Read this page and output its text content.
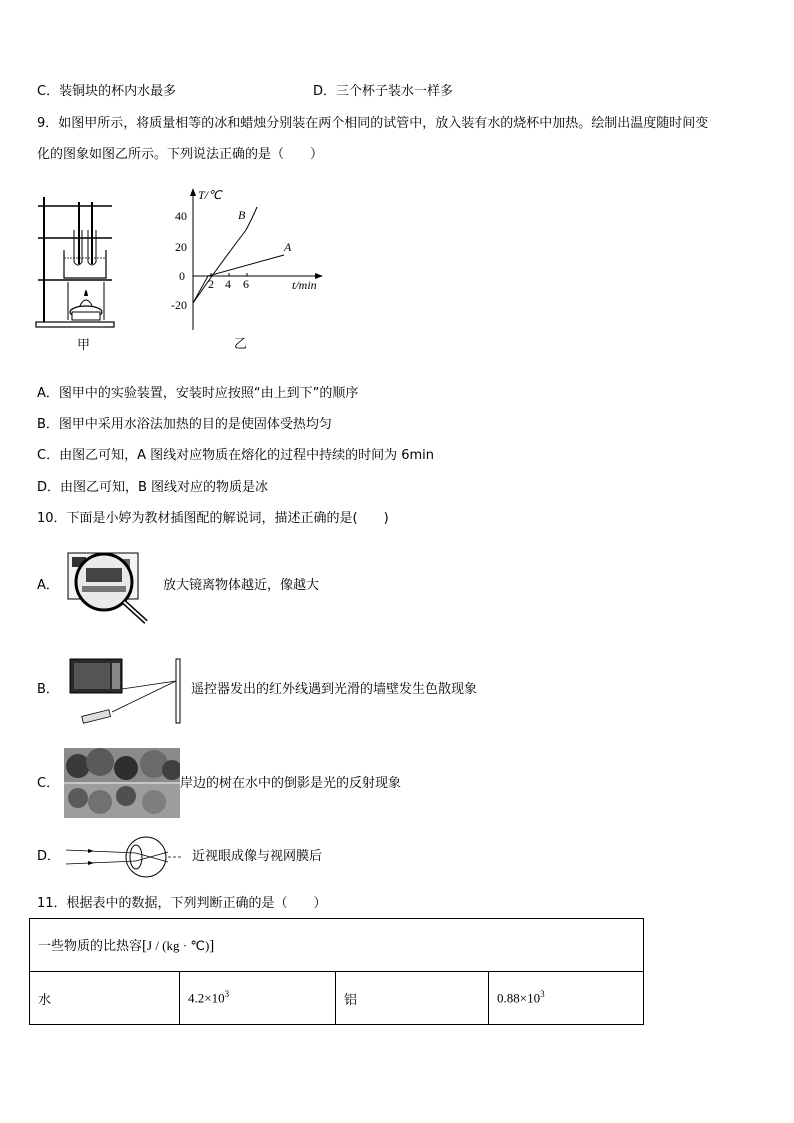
C．装铜块的杯内水最多	D．三个杯子装水一样多
9．如图甲所示，将质量相等的冰和蜡烛分别装在两个相同的试管中，放入装有水的烧杯中加热。绘制出温度随时间变
化的图象如图乙所示。下列说法正确的是（　　）
甲
T/℃
t/min
40
20
0
-20
2 4 6
B
A
乙
A．图甲中的实验装置，安装时应按照“由上到下”的顺序
B．图甲中采用水浴法加热的目的是使固体受热均匀
C．由图乙可知，A 图线对应物质在熔化的过程中持续的时间为 6min
D．由图乙可知，B 图线对应的物质是冰
10．下面是小婷为教材插图配的解说词，描述正确的是(　　)
A．	放大镜离物体越近，像越大
B．	遥控器发出的红外线遇到光滑的墙壁发生色散现象
C．	岸边的树在水中的倒影是光的反射现象
D．	近视眼成像与视网膜后
11．根据表中的数据，下列判断正确的是（　　）
一些物质的比热容[J / (kg · ℃)]
水	$4.2\times 10^3$	铝	$0.88\times 10^3$
